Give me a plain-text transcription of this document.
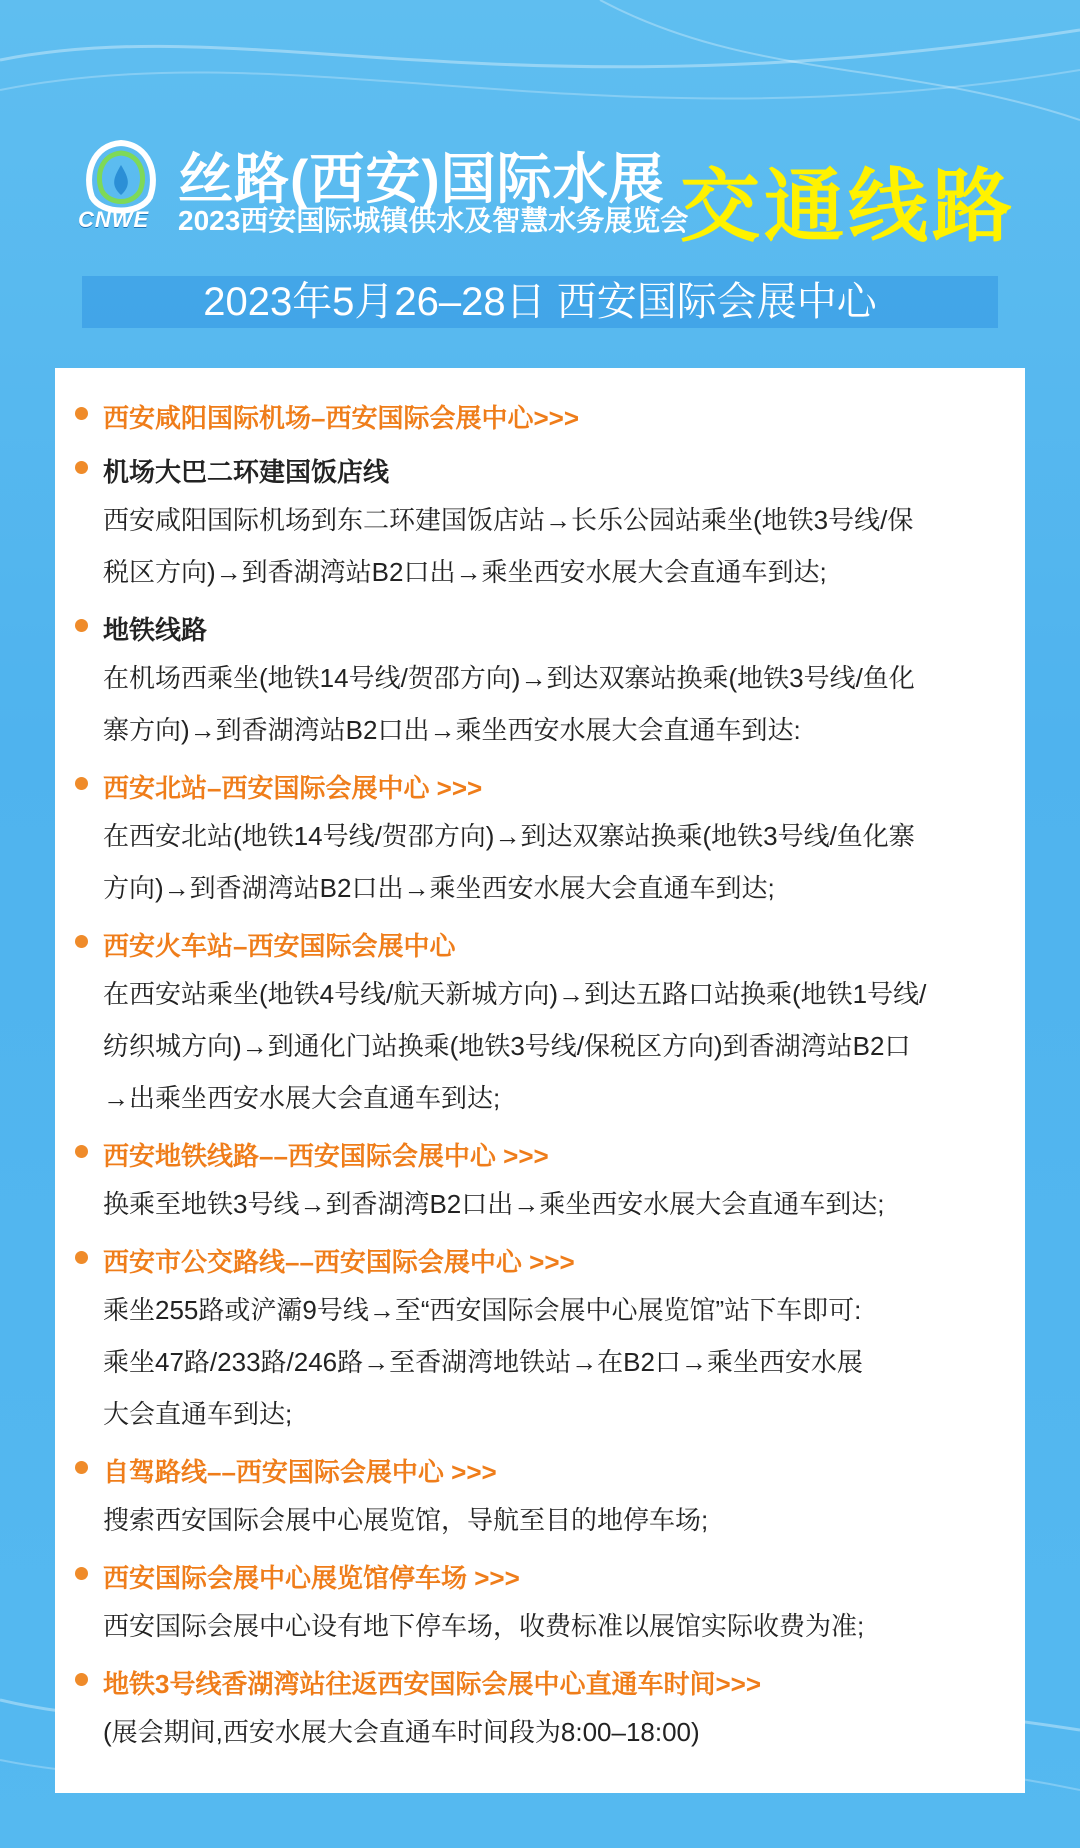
CNWE
丝路(西安)国际水展
2023西安国际城镇供水及智慧水务展览会
交通线路
2023年5月26–28日 西安国际会展中心
西安咸阳国际机场–西安国际会展中心>>>
机场大巴二环建国饭店线
西安咸阳国际机场到东二环建国饭店站→长乐公园站乘坐(地铁3号线/保
税区方向)→到香湖湾站B2口出→乘坐西安水展大会直通车到达;
地铁线路
在机场西乘坐(地铁14号线/贺邵方向)→到达双寨站换乘(地铁3号线/鱼化
寨方向)→到香湖湾站B2口出→乘坐西安水展大会直通车到达:
西安北站–西安国际会展中心 >>>
在西安北站(地铁14号线/贺邵方向)→到达双寨站换乘(地铁3号线/鱼化寨
方向)→到香湖湾站B2口出→乘坐西安水展大会直通车到达;
西安火车站–西安国际会展中心
在西安站乘坐(地铁4号线/航天新城方向)→到达五路口站换乘(地铁1号线/
纺织城方向)→到通化门站换乘(地铁3号线/保税区方向)到香湖湾站B2口
→出乘坐西安水展大会直通车到达;
西安地铁线路––西安国际会展中心 >>>
换乘至地铁3号线→到香湖湾B2口出→乘坐西安水展大会直通车到达;
西安市公交路线––西安国际会展中心 >>>
乘坐255路或浐灞9号线→至“西安国际会展中心展览馆”站下车即可:
乘坐47路/233路/246路→至香湖湾地铁站→在B2口→乘坐西安水展
大会直通车到达;
自驾路线––西安国际会展中心 >>>
搜索西安国际会展中心展览馆，导航至目的地停车场;
西安国际会展中心展览馆停车场 >>>
西安国际会展中心设有地下停车场，收费标准以展馆实际收费为准;
地铁3号线香湖湾站往返西安国际会展中心直通车时间>>>
(展会期间,西安水展大会直通车时间段为8:00–18:00)
